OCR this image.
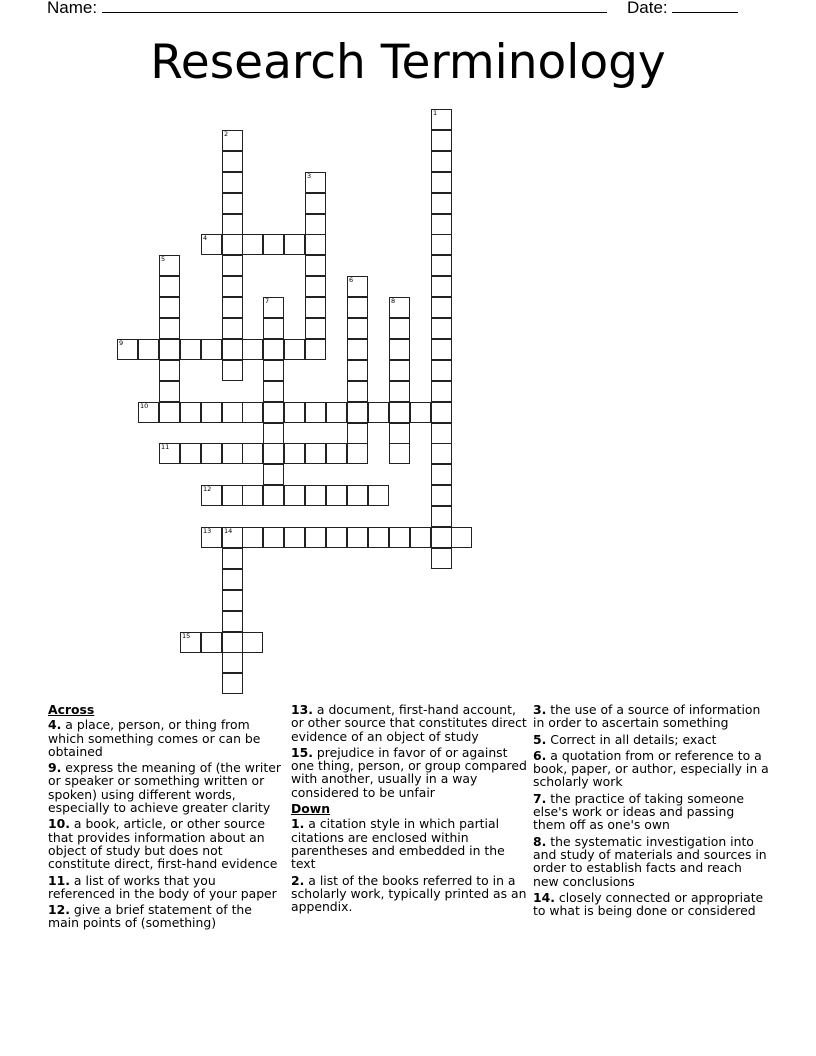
Name:	Date:
Research Terminology
1
2
3
4
5
6
7	8
9
10
11
12
13 14
15
Across
4. a place, person, or thing from which something comes or can be obtained
9. express the meaning of (the writer or speaker or something written or spoken) using different words, especially to achieve greater clarity
10. a book, article, or other source that provides information about an object of study but does not constitute direct, first-hand evidence
11. a list of works that you referenced in the body of your paper
12. give a brief statement of the main points of (something)
13. a document, first-hand account, or other source that constitutes direct evidence of an object of study
15. prejudice in favor of or against one thing, person, or group compared with another, usually in a way considered to be unfair
Down
1. a citation style in which partial citations are enclosed within parentheses and embedded in the text
2. a list of the books referred to in a scholarly work, typically printed as an appendix.
3. the use of a source of information in order to ascertain something
5. Correct in all details; exact
6. a quotation from or reference to a book, paper, or author, especially in a scholarly work
7. the practice of taking someone else's work or ideas and passing them off as one's own
8. the systematic investigation into and study of materials and sources in order to establish facts and reach new conclusions
14. closely connected or appropriate to what is being done or considered
